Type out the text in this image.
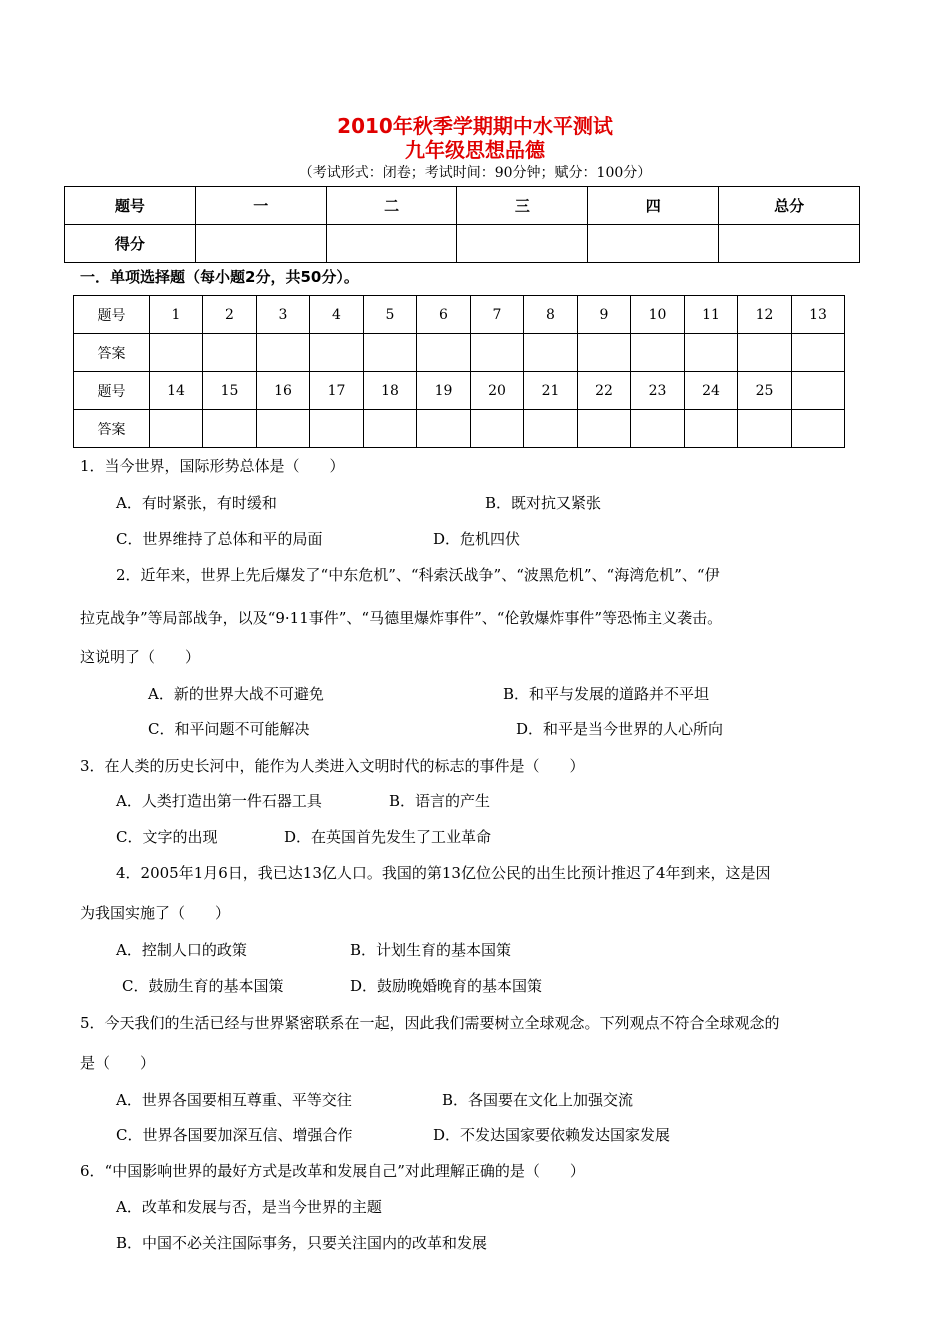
2010年秋季学期期中水平测试
九年级思想品德
（考试形式：闭卷；考试时间：90分钟；赋分：100分）
题号	一	二	三	四	总分
得分					
一．单项选择题（每小题2分，共50分）。
题号	1	2	3	4	5	6	7	8	9	10	11	12	13
答案													
题号	14	15	16	17	18	19	20	21	22	23	24	25	
答案													
1．当今世界，国际形势总体是（　　）
A．有时紧张，有时缓和	B．既对抗又紧张
C．世界维持了总体和平的局面	D．危机四伏
2．近年来，世界上先后爆发了“中东危机”、“科索沃战争”、“波黑危机”、“海湾危机”、“伊
拉克战争”等局部战争，以及“9·11事件”、“马德里爆炸事件”、“伦敦爆炸事件”等恐怖主义袭击。
这说明了（　　）
A．新的世界大战不可避免	B．和平与发展的道路并不平坦
C．和平问题不可能解决	D．和平是当今世界的人心所向
3．在人类的历史长河中，能作为人类进入文明时代的标志的事件是（　　）
A．人类打造出第一件石器工具	B．语言的产生
C．文字的出现	D．在英国首先发生了工业革命
4．2005年1月6日，我已达13亿人口。我国的第13亿位公民的出生比预计推迟了4年到来，这是因
为我国实施了（　　）
A．控制人口的政策	B．计划生育的基本国策
C．鼓励生育的基本国策	D．鼓励晚婚晚育的基本国策
5．今天我们的生活已经与世界紧密联系在一起，因此我们需要树立全球观念。下列观点不符合全球观念的
是（　　）
A．世界各国要相互尊重、平等交往	B．各国要在文化上加强交流
C．世界各国要加深互信、增强合作	D．不发达国家要依赖发达国家发展
6．“中国影响世界的最好方式是改革和发展自己”对此理解正确的是（　　）
A．改革和发展与否，是当今世界的主题
B．中国不必关注国际事务，只要关注国内的改革和发展
